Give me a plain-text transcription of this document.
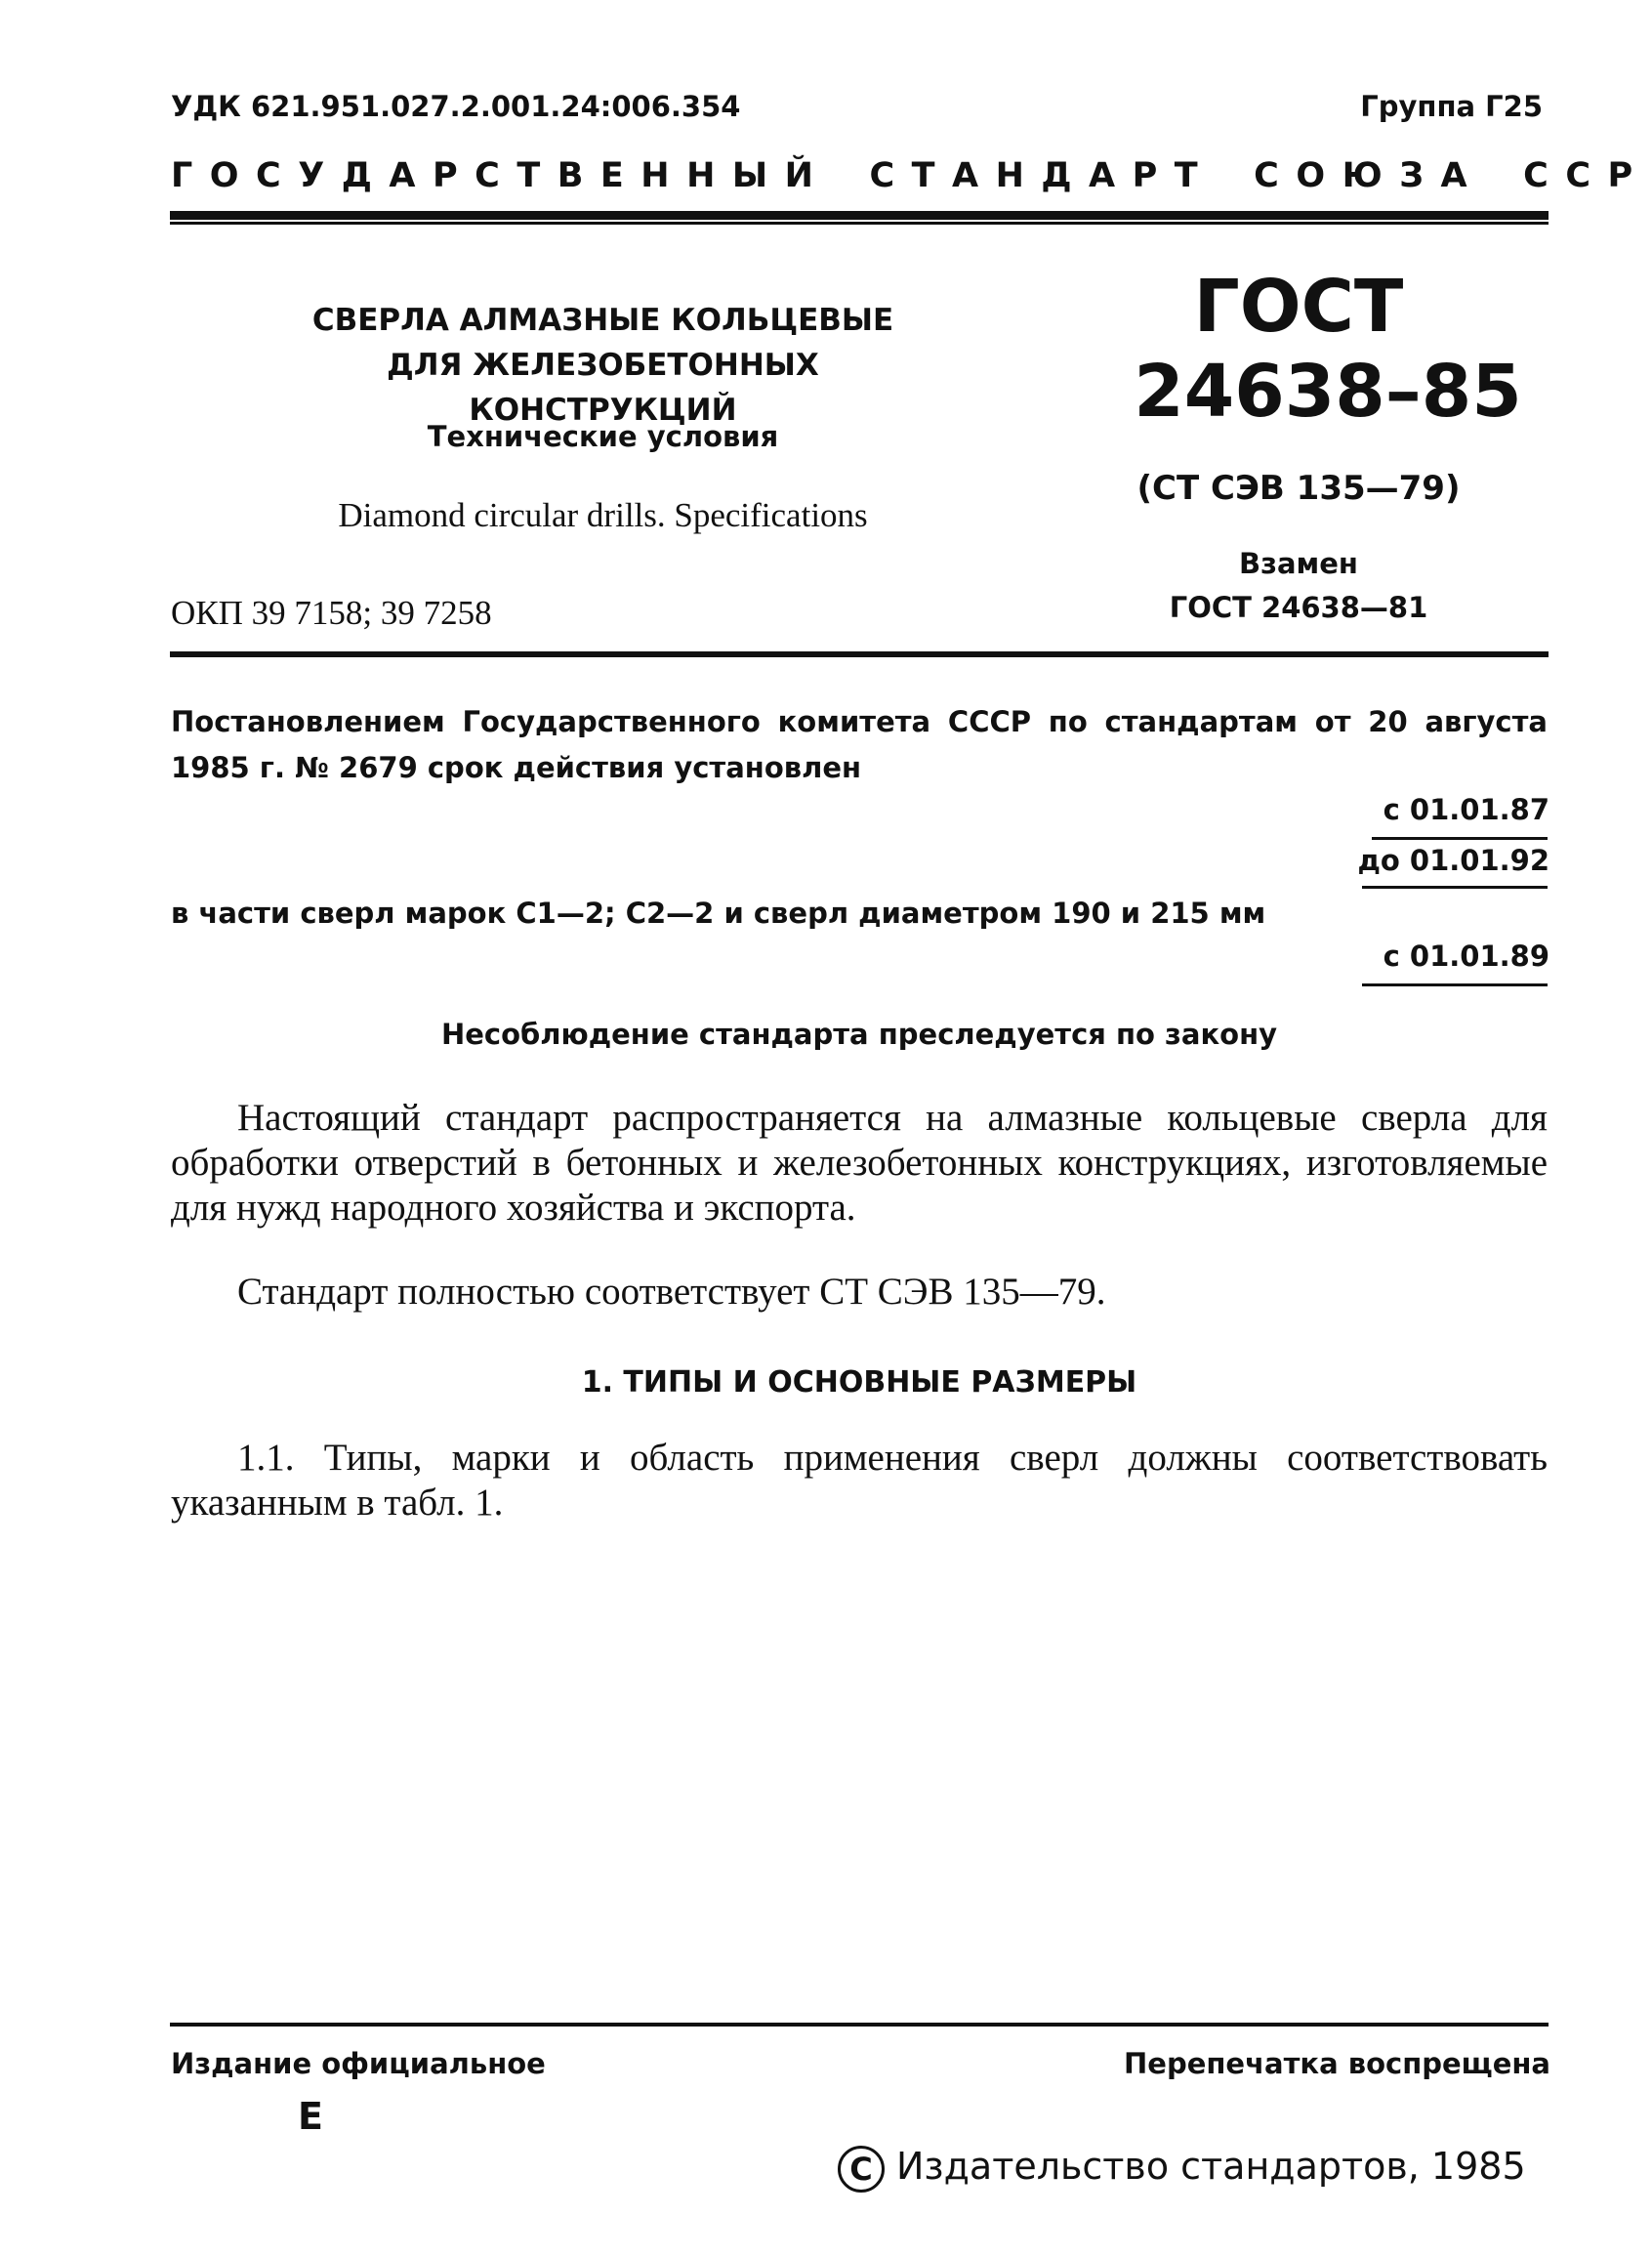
УДК 621.951.027.2.001.24:006.354	Группа Г25
ГОСУДАРСТВЕННЫЙ СТАНДАРТ СОЮЗА ССР
СВЕРЛА АЛМАЗНЫЕ КОЛЬЦЕВЫЕ
ДЛЯ ЖЕЛЕЗОБЕТОННЫХ КОНСТРУКЦИЙ
Технические условия
Diamond circular drills. Specifications
ОКП 39 7158; 39 7258
ГОСТ
24638–85
(СТ СЭВ 135—79)
Взамен
ГОСТ 24638—81
Постановлением Государственного комитета СССР по стандартам от 20 августа 1985 г. № 2679 срок действия установлен
с 01.01.87
до 01.01.92
в части сверл марок С1—2; С2—2 и сверл диаметром 190 и 215 мм
с 01.01.89
Несоблюдение стандарта преследуется по закону
Настоящий стандарт распространяется на алмазные кольцевые сверла для обработки отверстий в бетонных и железобетонных конструкциях, изготовляемые для нужд народного хозяйства и экспорта.
Стандарт полностью соответствует СТ СЭВ 135—79.
1. ТИПЫ И ОСНОВНЫЕ РАЗМЕРЫ
1.1. Типы, марки и область применения сверл должны соответствовать указанным в табл. 1.
Издание официальное	Перепечатка воспрещена
Е
C Издательство стандартов, 1985
